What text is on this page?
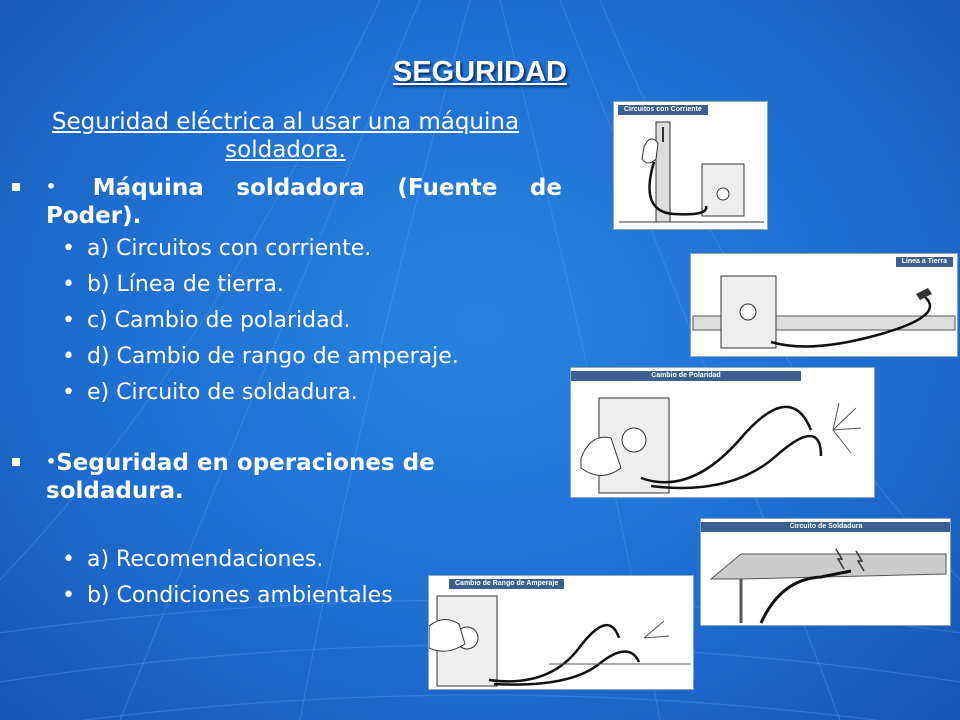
SEGURIDAD
Seguridad eléctrica al usar una máquina soldadora.
• Máquina soldadora (Fuente de
Poder).
• a) Circuitos con corriente.
• b) Línea de tierra.
• c) Cambio de polaridad.
• d) Cambio de rango de amperaje.
• e) Circuito de soldadura.
•Seguridad en operaciones de
soldadura.
• a) Recomendaciones.
• b) Condiciones ambientales
Circuitos con Corriente
Línea a Tierra
Cambio de Polaridad
Circuito de Soldadura
Cambio de Rango de Amperaje
